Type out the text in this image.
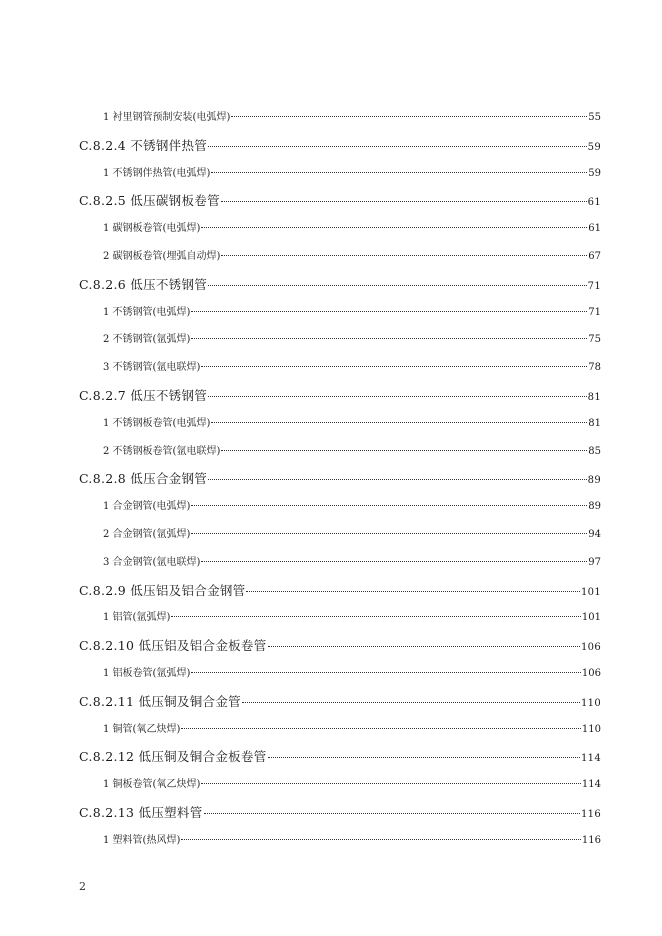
1 衬里钢管预制安装(电弧焊)	55
C.8.2.4 不锈钢伴热管	59
1 不锈钢伴热管(电弧焊)	59
C.8.2.5 低压碳钢板卷管	61
1 碳钢板卷管(电弧焊)	61
2 碳钢板卷管(埋弧自动焊)	67
C.8.2.6 低压不锈钢管	71
1 不锈钢管(电弧焊)	71
2 不锈钢管(氩弧焊)	75
3 不锈钢管(氩电联焊)	78
C.8.2.7 低压不锈钢管	81
1 不锈钢板卷管(电弧焊)	81
2 不锈钢板卷管(氩电联焊)	85
C.8.2.8 低压合金钢管	89
1 合金钢管(电弧焊)	89
2 合金钢管(氩弧焊)	94
3 合金钢管(氩电联焊)	97
C.8.2.9 低压铝及铝合金钢管	101
1 铝管(氩弧焊)	101
C.8.2.10 低压铝及铝合金板卷管	106
1 铝板卷管(氩弧焊)	106
C.8.2.11 低压铜及铜合金管	110
1 铜管(氧乙炔焊)	110
C.8.2.12 低压铜及铜合金板卷管	114
1 铜板卷管(氧乙炔焊)	114
C.8.2.13 低压塑料管	116
1 塑料管(热风焊)	116
2
